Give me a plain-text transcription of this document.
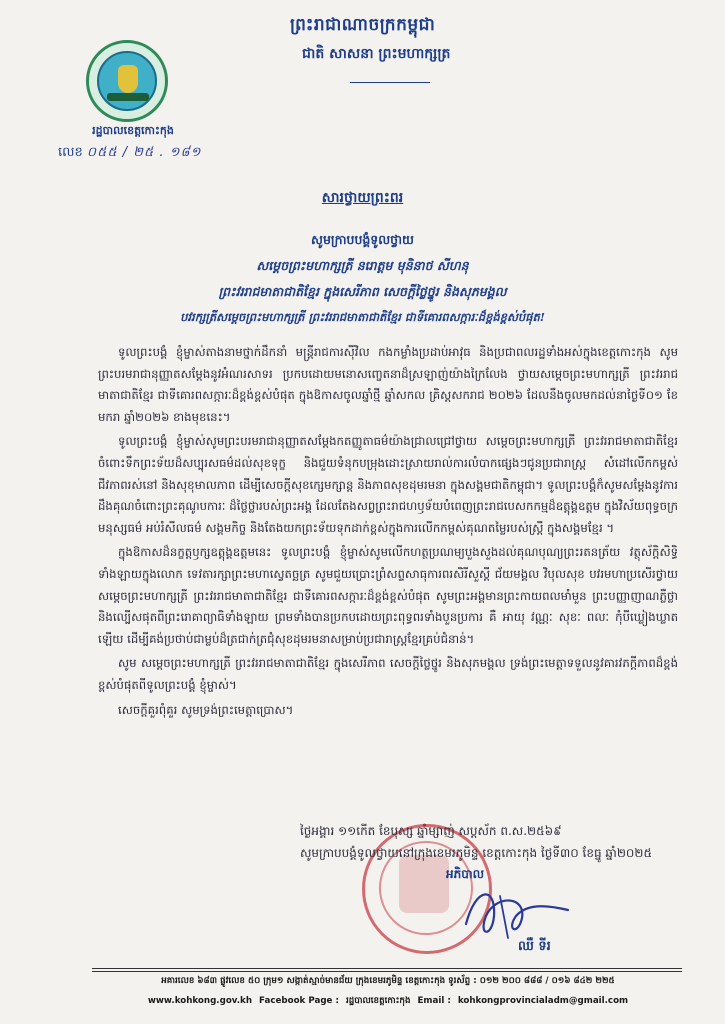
រដ្ឋបាលខេត្តកោះកុង
លេខ ០៥៥ / ២៥ . ១៨១
ព្រះរាជាណាចក្រកម្ពុជា
ជាតិ សាសនា ព្រះមហាក្សត្រ
សារថ្វាយព្រះពរ
សូមក្រាបបង្គំទូលថ្វាយ
សម្តេចព្រះមហាក្សត្រី នរោត្តម មុនិនាថ សីហនុ
ព្រះវររាជមាតាជាតិខ្មែរ ក្នុងសេរីភាព សេចក្តីថ្លៃថ្នូរ និងសុភមង្គល
បវរក្សត្រីសម្តេចព្រះមហាក្សត្រី ព្រះវររាជមាតាជាតិខ្មែរ ជាទីគោរពសក្ការៈដ៏ខ្ពង់ខ្ពស់បំផុត!

ទូលព្រះបង្គំ ខ្ញុំម្ចាស់តាងនាមថ្នាក់ដឹកនាំ មន្ត្រីរាជការស៊ីវិល កងកម្លាំងប្រដាប់អាវុធ និងប្រជាពលរដ្ឋទាំងអស់ក្នុងខេត្តកោះកុង សូមព្រះបរមរាជានុញ្ញាតសម្តែងនូវអំណរសាទរ ប្រកបដោយមនោសញ្ចេតនាដ៏ស្រឡាញ់យ៉ាងក្រៃលែង ថ្វាយសម្តេចព្រះមហាក្សត្រី ព្រះវររាជមាតាជាតិខ្មែរ ជាទីគោរពសក្ការៈដ៏ខ្ពង់ខ្ពស់បំផុត ក្នុងឱកាសចូលឆ្នាំថ្មី ឆ្នាំសកល គ្រិស្តសករាជ ២០២៦ ដែលនឹងចូលមកដល់នាថ្ងៃទី០១ ខែមករា ឆ្នាំ២០២៦ ខាងមុខនេះ។

ទូលព្រះបង្គំ ខ្ញុំម្ចាស់សូមព្រះបរមរាជានុញ្ញាតសម្តែងកតញ្ញូតាធម៌យ៉ាងជ្រាលជ្រៅថ្វាយ សម្តេចព្រះមហាក្សត្រី ព្រះវររាជមាតាជាតិខ្មែរ ចំពោះទឹកព្រះទ័យដ៏សប្បុរសធម៌ដល់សុខទុក្ខ និងជួយទំនុកបម្រុងដោះស្រាយរាល់ការលំបាកផ្សេងៗជូនប្រជារាស្ត្រ សំដៅលើកកម្ពស់ជីវភាពរស់នៅ និងសុខុមាលភាព ដើម្បីសេចក្តីសុខក្សេមក្សាន្ត និងភាពសុខដុមរមនា ក្នុងសង្គមជាតិកម្ពុជា។ ទូលព្រះបង្គំក៏សូមសម្តែងនូវការដឹងគុណចំពោះព្រះគុណូបការៈ ដ៏ថ្លៃថ្លារបស់ព្រះអង្គ ដែលតែងសព្វព្រះរាជហឫទ័យបំពេញព្រះរាជបេសកកម្មដ៏ឧត្តុង្គឧត្តម ក្នុងវិស័យពុទ្ធចក្រ មនុស្សធម៌ អប់រំសីលធម៌ សង្គមកិច្ច និងតែងយកព្រះទ័យទុកដាក់ខ្ពស់ក្នុងការលើកកម្ពស់គុណតម្លៃរបស់ស្ត្រី ក្នុងសង្គមខ្មែរ ។

ក្នុងឱកាសដ៏នក្ខត្តឫក្សឧត្តុង្គឧត្តមនេះ ទូលព្រះបង្គំ ខ្ញុំម្ចាស់សូមលើកហត្ថប្រណម្យបួងសួងដល់គុណបុណ្យព្រះរតនត្រ័យ វត្ថុស័ក្តិសិទ្ធិទាំងឡាយក្នុងលោក ទេវតារក្សាព្រះមហាស្វេតច្ឆត្រ សូមជួយប្រោះព្រំសព្ទសាធុការពរសិរីសួស្តី ជ័យមង្គល វិបុលសុខ បវរមហាប្រសើរថ្វាយ សម្តេចព្រះមហាក្សត្រី ព្រះវររាជមាតាជាតិខ្មែរ ជាទីគោរពសក្ការៈដ៏ខ្ពង់ខ្ពស់បំផុត សូមព្រះអង្គមានព្រះកាយពលមាំមួន ព្រះបញ្ញាញាណភ្លឺថ្លា និងល្បើសផុតពីព្រះរោគាព្យាធិទាំងឡាយ ព្រមទាំងបានប្រកបដោយព្រះពុទ្ធពរទាំងបួនប្រការ គឺ អាយុ វណ្ណៈ សុខៈ ពលៈ កុំបីឃ្លៀងឃ្លាតឡើយ ដើម្បីគង់ប្រថាប់ជាម្លប់ដ៏ត្រជាក់ត្រជុំសុខដុមរមនាសម្រាប់ប្រជារាស្ត្រខ្មែរគ្រប់ជំនាន់។

សូម សម្តេចព្រះមហាក្សត្រី ព្រះវររាជមាតាជាតិខ្មែរ ក្នុងសេរីភាព សេចក្តីថ្លៃថ្នូរ និងសុភមង្គល ទ្រង់ព្រះមេត្តាទទួលនូវគារវភក្តីភាពដ៏ខ្ពង់ខ្ពស់បំផុតពីទូលព្រះបង្គំ ខ្ញុំម្ចាស់។

សេចក្តីគួរពុំគួរ សូមទ្រង់ព្រះមេត្តាប្រោស។

ថ្ងៃអង្គារ ១១កើត ខែបុស្ស ឆ្នាំម្សាញ់ សប្តស័ក ព.ស.២៥៦៩
សូមក្រាបបង្គំទូលថ្វាយនៅក្រុងខេមរភូមិន្ទ ខេត្តកោះកុង ថ្ងៃទី៣០ ខែធ្នូ ឆ្នាំ២០២៥
អភិបាល
ឈឺ ទីរ
អគារលេខ ៦៨៣ ផ្លូវលេខ ៥០ ក្រុម១ សង្កាត់ស្មាច់មានជ័យ ក្រុងខេមរភូមិន្ទ ខេត្តកោះកុង ទូរស័ព្ទ : ០១២ ២០០ ៨៨៨ / ០១៦ ៨៤២ ២២៥
www.kohkong.gov.kh Facebook Page : រដ្ឋបាលខេត្តកោះកុង Email : kohkongprovincialadm@gmail.com
